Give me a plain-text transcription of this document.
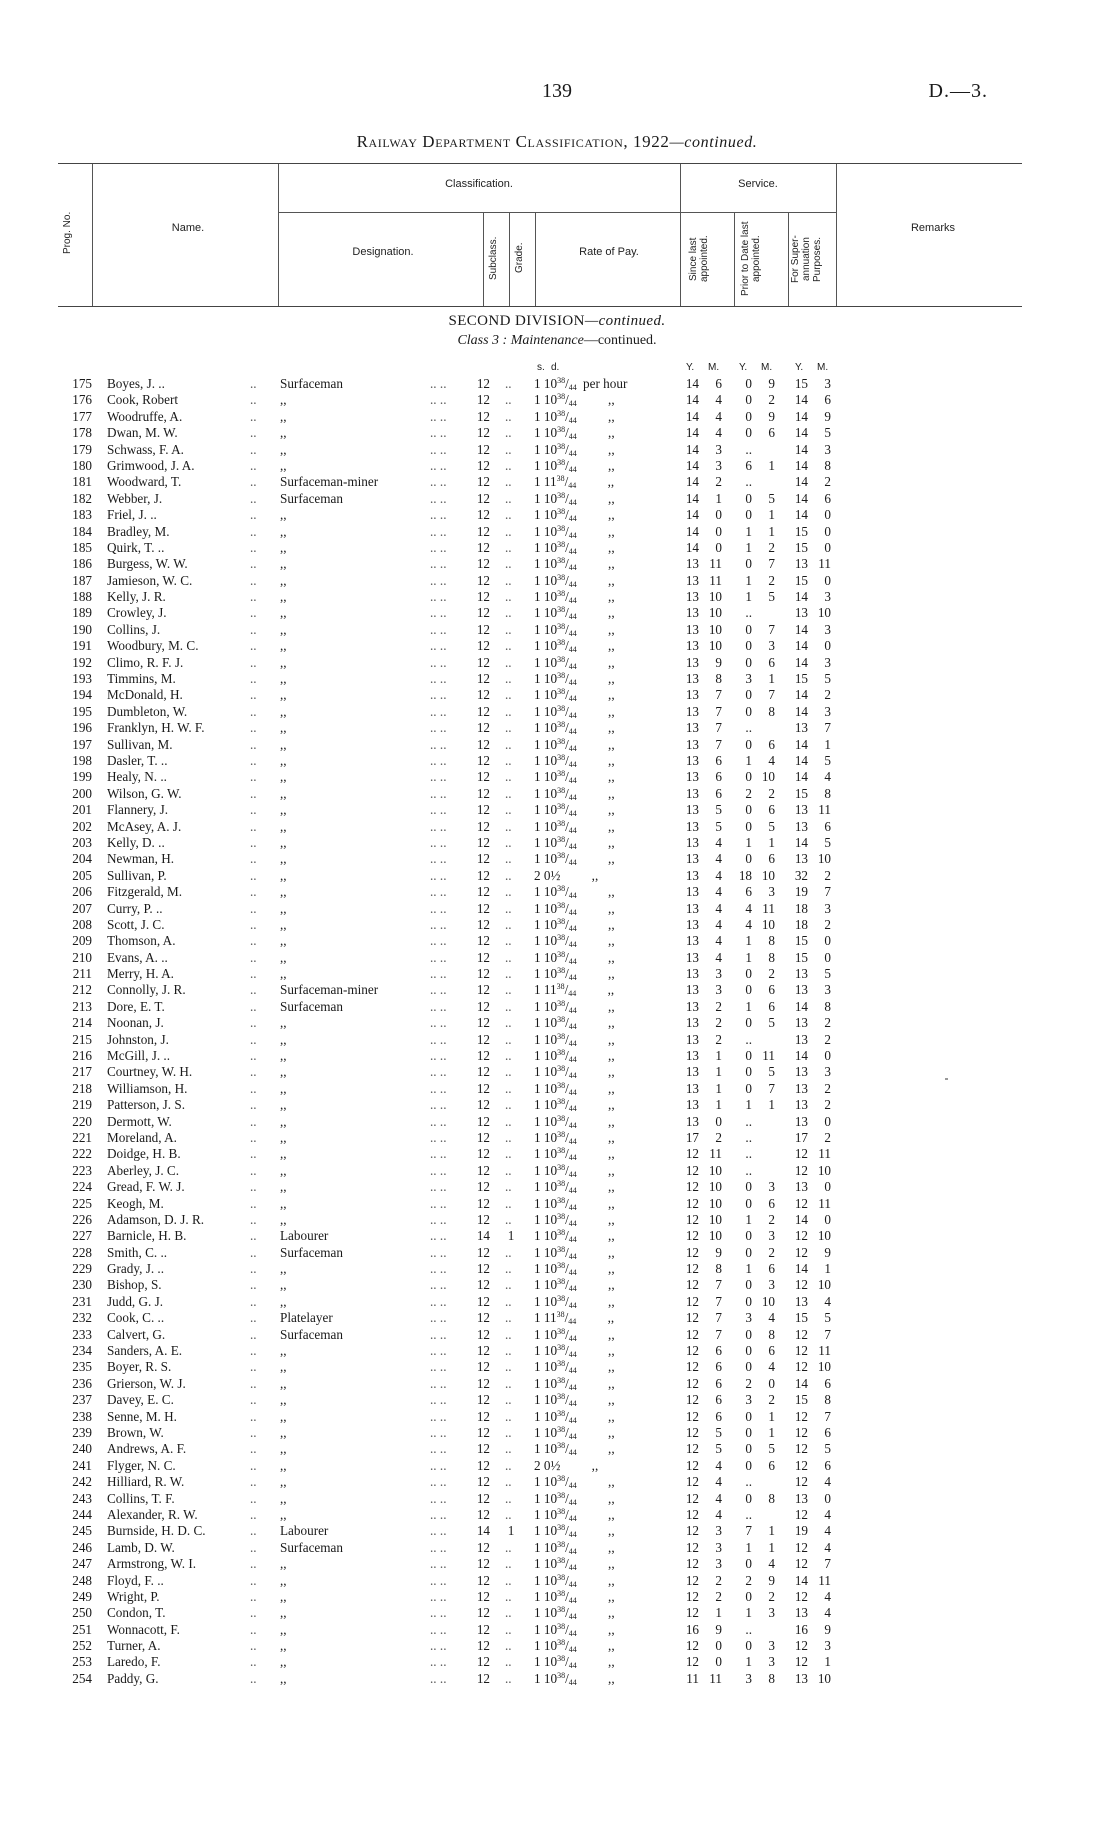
139	D.—3.
Railway Department Classification, 1922—continued.
Prog. No.	Name.
Classification.
Designation.	Subclass.	Grade.	Rate of Pay.
Service.
Since last appointed.	Prior to Date last appointed.	For Super-annuation Purposes.
Remarks
SECOND DIVISION—continued.
Class 3 : Maintenance—continued.
s. d.	Y. M. Y. M. Y. M.
175 Boyes, J. ..	.. Surfaceman	.. ..	12 .. 1 $10^{38}/_{44}$ per hour	14	6	0	9	15	3
176 Cook, Robert	.. ,,	.. ..	12 .. 1 $10^{38}/_{44}$ ,,	14	4	0	2	14	6
177 Woodruffe, A.	.. ,,	.. ..	12 .. 1 $10^{38}/_{44}$ ,,	14	4	0	9	14	9
178 Dwan, M. W.	.. ,,	.. ..	12 .. 1 $10^{38}/_{44}$ ,,	14	4	0	6	14	5
179 Schwass, F. A.	.. ,,	.. ..	12 .. 1 $10^{38}/_{44}$ ,,	14	3	..	14	3
180 Grimwood, J. A.	.. ,,	.. ..	12 .. 1 $10^{38}/_{44}$ ,,	14	3	6	1	14	8
181 Woodward, T.	.. Surfaceman-miner	.. ..	12 .. 1 $11^{38}/_{44}$ ,,	14	2	..	14	2
182 Webber, J.	.. Surfaceman	.. ..	12 .. 1 $10^{38}/_{44}$ ,,	14	1	0	5	14	6
183 Friel, J. ..	.. ,,	.. ..	12 .. 1 $10^{38}/_{44}$ ,,	14	0	0	1	14	0
184 Bradley, M.	.. ,,	.. ..	12 .. 1 $10^{38}/_{44}$ ,,	14	0	1	1	15	0
185 Quirk, T. ..	.. ,,	.. ..	12 .. 1 $10^{38}/_{44}$ ,,	14	0	1	2	15	0
186 Burgess, W. W.	.. ,,	.. ..	12 .. 1 $10^{38}/_{44}$ ,,	13 11	0	7	13 11
187 Jamieson, W. C.	.. ,,	.. ..	12 .. 1 $10^{38}/_{44}$ ,,	13 11	1	2	15	0
188 Kelly, J. R.	.. ,,	.. ..	12 .. 1 $10^{38}/_{44}$ ,,	13 10	1	5	14	3
189 Crowley, J.	.. ,,	.. ..	12 .. 1 $10^{38}/_{44}$ ,,	13 10	..	13 10
190 Collins, J.	.. ,,	.. ..	12 .. 1 $10^{38}/_{44}$ ,,	13 10	0	7	14	3
191 Woodbury, M. C.	.. ,,	.. ..	12 .. 1 $10^{38}/_{44}$ ,,	13 10	0	3	14	0
192 Climo, R. F. J.	.. ,,	.. ..	12 .. 1 $10^{38}/_{44}$ ,,	13	9	0	6	14	3
193 Timmins, M.	.. ,,	.. ..	12 .. 1 $10^{38}/_{44}$ ,,	13	8	3	1	15	5
194 McDonald, H.	.. ,,	.. ..	12 .. 1 $10^{38}/_{44}$ ,,	13	7	0	7	14	2
195 Dumbleton, W.	.. ,,	.. ..	12 .. 1 $10^{38}/_{44}$ ,,	13	7	0	8	14	3
196 Franklyn, H. W. F.	.. ,,	.. ..	12 .. 1 $10^{38}/_{44}$ ,,	13	7	..	13	7
197 Sullivan, M.	.. ,,	.. ..	12 .. 1 $10^{38}/_{44}$ ,,	13	7	0	6	14	1
198 Dasler, T. ..	.. ,,	.. ..	12 .. 1 $10^{38}/_{44}$ ,,	13	6	1	4	14	5
199 Healy, N. ..	.. ,,	.. ..	12 .. 1 $10^{38}/_{44}$ ,,	13	6	0 10	14	4
200 Wilson, G. W.	.. ,,	.. ..	12 .. 1 $10^{38}/_{44}$ ,,	13	6	2	2	15	8
201 Flannery, J.	.. ,,	.. ..	12 .. 1 $10^{38}/_{44}$ ,,	13	5	0	6	13 11
202 McAsey, A. J.	.. ,,	.. ..	12 .. 1 $10^{38}/_{44}$ ,,	13	5	0	5	13	6
203 Kelly, D. ..	.. ,,	.. ..	12 .. 1 $10^{38}/_{44}$ ,,	13	4	1	1	14	5
204 Newman, H.	.. ,,	.. ..	12 .. 1 $10^{38}/_{44}$ ,,	13	4	0	6	13 10
205 Sullivan, P.	.. ,,	.. ..	12 .. 2 0½ ,,	13	4	18 10	32	2
206 Fitzgerald, M.	.. ,,	.. ..	12 .. 1 $10^{38}/_{44}$ ,,	13	4	6	3	19	7
207 Curry, P. ..	.. ,,	.. ..	12 .. 1 $10^{38}/_{44}$ ,,	13	4	4 11	18	3
208 Scott, J. C.	.. ,,	.. ..	12 .. 1 $10^{38}/_{44}$ ,,	13	4	4 10	18	2
209 Thomson, A.	.. ,,	.. ..	12 .. 1 $10^{38}/_{44}$ ,,	13	4	1	8	15	0
210 Evans, A. ..	.. ,,	.. ..	12 .. 1 $10^{38}/_{44}$ ,,	13	4	1	8	15	0
211 Merry, H. A.	.. ,,	.. ..	12 .. 1 $10^{38}/_{44}$ ,,	13	3	0	2	13	5
212 Connolly, J. R.	.. Surfaceman-miner	.. ..	12 .. 1 $11^{38}/_{44}$ ,,	13	3	0	6	13	3
213 Dore, E. T.	.. Surfaceman	.. ..	12 .. 1 $10^{38}/_{44}$ ,,	13	2	1	6	14	8
214 Noonan, J.	.. ,,	.. ..	12 .. 1 $10^{38}/_{44}$ ,,	13	2	0	5	13	2
215 Johnston, J.	.. ,,	.. ..	12 .. 1 $10^{38}/_{44}$ ,,	13	2	..	13	2
216 McGill, J. ..	.. ,,	.. ..	12 .. 1 $10^{38}/_{44}$ ,,	13	1	0 11	14	0
217 Courtney, W. H.	.. ,,	.. ..	12 .. 1 $10^{38}/_{44}$ ,,	13	1	0	5	13	3
218 Williamson, H.	.. ,,	.. ..	12 .. 1 $10^{38}/_{44}$ ,,	13	1	0	7	13	2
219 Patterson, J. S.	.. ,,	.. ..	12 .. 1 $10^{38}/_{44}$ ,,	13	1	1	1	13	2
220 Dermott, W.	.. ,,	.. ..	12 .. 1 $10^{38}/_{44}$ ,,	13	0	..	13	0
221 Moreland, A.	.. ,,	.. ..	12 .. 1 $10^{38}/_{44}$ ,,	17	2	..	17	2
222 Doidge, H. B.	.. ,,	.. ..	12 .. 1 $10^{38}/_{44}$ ,,	12 11	..	12 11
223 Aberley, J. C.	.. ,,	.. ..	12 .. 1 $10^{38}/_{44}$ ,,	12 10	..	12 10
224 Gread, F. W. J.	.. ,,	.. ..	12 .. 1 $10^{38}/_{44}$ ,,	12 10	0	3	13	0
225 Keogh, M.	.. ,,	.. ..	12 .. 1 $10^{38}/_{44}$ ,,	12 10	0	6	12 11
226 Adamson, D. J. R.	.. ,,	.. ..	12 .. 1 $10^{38}/_{44}$ ,,	12 10	1	2	14	0
227 Barnicle, H. B.	.. Labourer	.. ..	14 1 1 $10^{38}/_{44}$ ,,	12 10	0	3	12 10
228 Smith, C. ..	.. Surfaceman	.. ..	12 .. 1 $10^{38}/_{44}$ ,,	12	9	0	2	12	9
229 Grady, J. ..	.. ,,	.. ..	12 .. 1 $10^{38}/_{44}$ ,,	12	8	1	6	14	1
230 Bishop, S.	.. ,,	.. ..	12 .. 1 $10^{38}/_{44}$ ,,	12	7	0	3	12 10
231 Judd, G. J.	.. ,,	.. ..	12 .. 1 $10^{38}/_{44}$ ,,	12	7	0 10	13	4
232 Cook, C. ..	.. Platelayer	.. ..	12 .. 1 $11^{38}/_{44}$ ,,	12	7	3	4	15	5
233 Calvert, G.	.. Surfaceman	.. ..	12 .. 1 $10^{38}/_{44}$ ,,	12	7	0	8	12	7
234 Sanders, A. E.	.. ,,	.. ..	12 .. 1 $10^{38}/_{44}$ ,,	12	6	0	6	12 11
235 Boyer, R. S.	.. ,,	.. ..	12 .. 1 $10^{38}/_{44}$ ,,	12	6	0	4	12 10
236 Grierson, W. J.	.. ,,	.. ..	12 .. 1 $10^{38}/_{44}$ ,,	12	6	2	0	14	6
237 Davey, E. C.	.. ,,	.. ..	12 .. 1 $10^{38}/_{44}$ ,,	12	6	3	2	15	8
238 Senne, M. H.	.. ,,	.. ..	12 .. 1 $10^{38}/_{44}$ ,,	12	6	0	1	12	7
239 Brown, W.	.. ,,	.. ..	12 .. 1 $10^{38}/_{44}$ ,,	12	5	0	1	12	6
240 Andrews, A. F.	.. ,,	.. ..	12 .. 1 $10^{38}/_{44}$ ,,	12	5	0	5	12	5
241 Flyger, N. C.	.. ,,	.. ..	12 .. 2 0½ ,,	12	4	0	6	12	6
242 Hilliard, R. W.	.. ,,	.. ..	12 .. 1 $10^{38}/_{44}$ ,,	12	4	..	12	4
243 Collins, T. F.	.. ,,	.. ..	12 .. 1 $10^{38}/_{44}$ ,,	12	4	0	8	13	0
244 Alexander, R. W.	.. ,,	.. ..	12 .. 1 $10^{38}/_{44}$ ,,	12	4	..	12	4
245 Burnside, H. D. C.	.. Labourer	.. ..	14 1 1 $10^{38}/_{44}$ ,,	12	3	7	1	19	4
246 Lamb, D. W.	.. Surfaceman	.. ..	12 .. 1 $10^{38}/_{44}$ ,,	12	3	1	1	12	4
247 Armstrong, W. I.	.. ,,	.. ..	12 .. 1 $10^{38}/_{44}$ ,,	12	3	0	4	12	7
248 Floyd, F. ..	.. ,,	.. ..	12 .. 1 $10^{38}/_{44}$ ,,	12	2	2	9	14 11
249 Wright, P.	.. ,,	.. ..	12 .. 1 $10^{38}/_{44}$ ,,	12	2	0	2	12	4
250 Condon, T.	.. ,,	.. ..	12 .. 1 $10^{38}/_{44}$ ,,	12	1	1	3	13	4
251 Wonnacott, F.	.. ,,	.. ..	12 .. 1 $10^{38}/_{44}$ ,,	16	9	..	16	9
252 Turner, A.	.. ,,	.. ..	12 .. 1 $10^{38}/_{44}$ ,,	12	0	0	3	12	3
253 Laredo, F.	.. ,,	.. ..	12 .. 1 $10^{38}/_{44}$ ,,	12	0	1	3	12	1
254 Paddy, G.	.. ,,	.. ..	12 .. 1 $10^{38}/_{44}$ ,,	11 11	3	8	13 10
